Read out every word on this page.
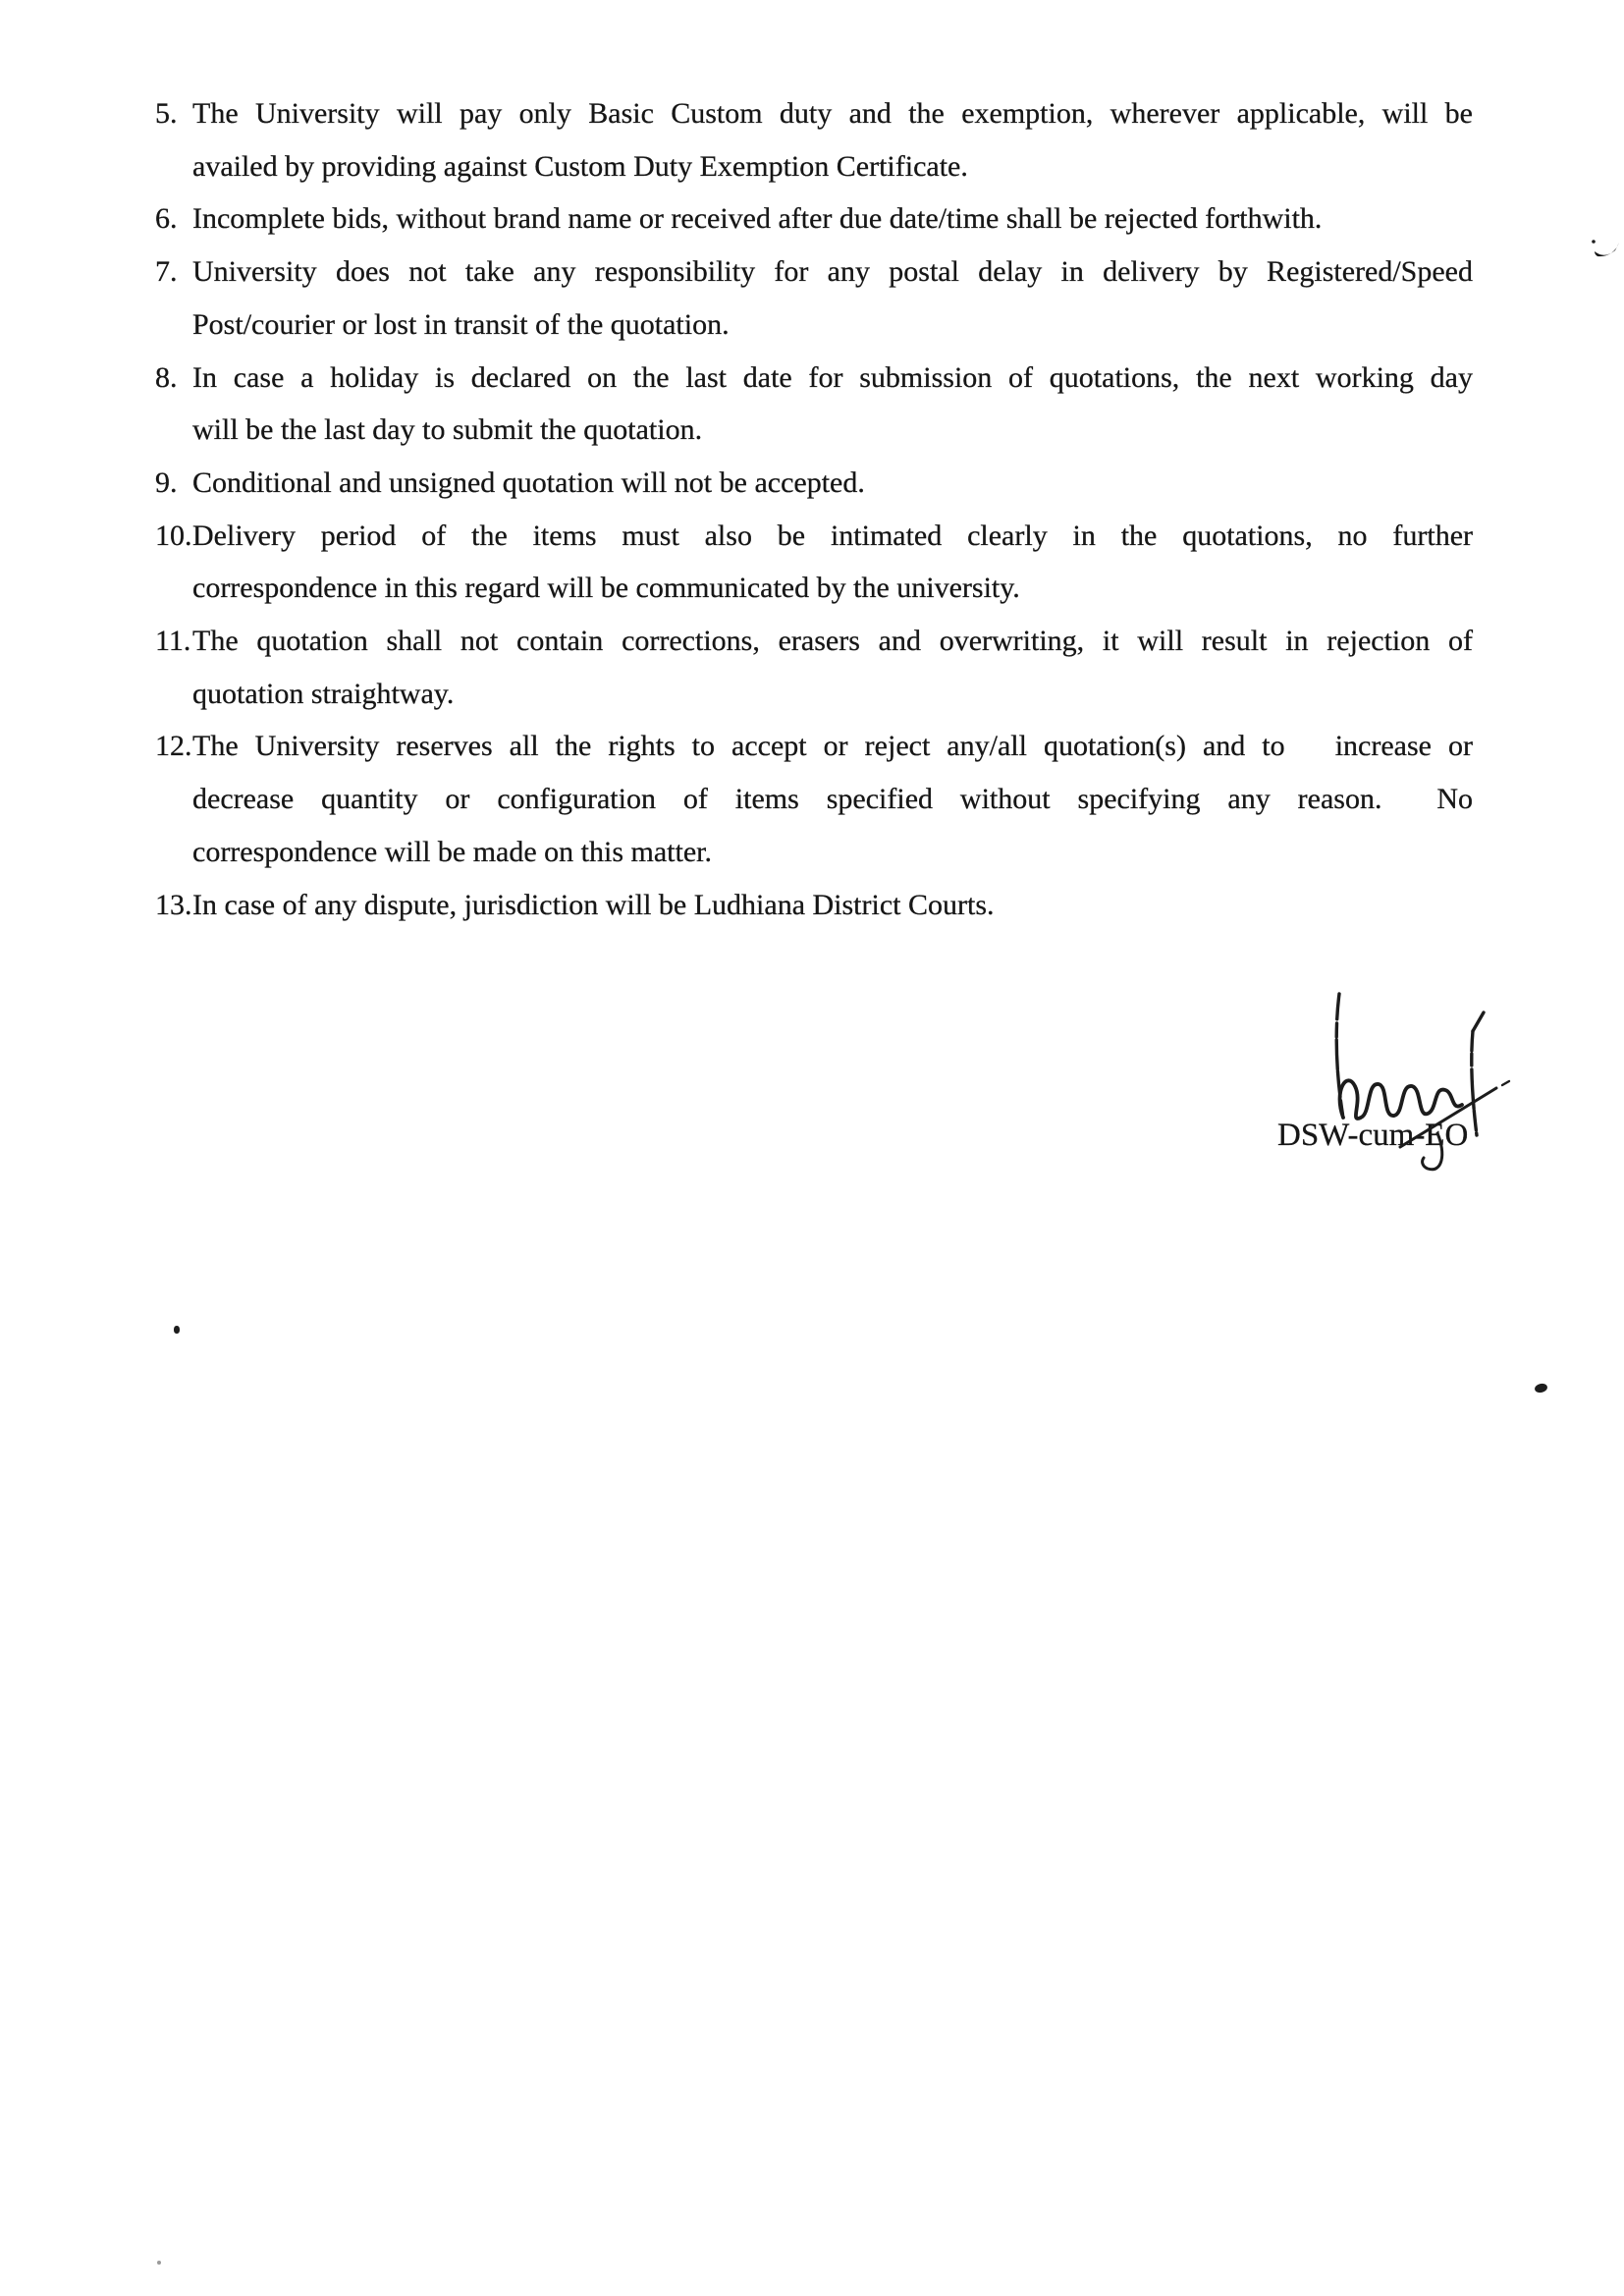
5. The University will pay only Basic Custom duty and the exemption, wherever applicable, will be
availed by providing against Custom Duty Exemption Certificate.
6. Incomplete bids, without brand name or received after due date/time shall be rejected forthwith.
7. University does not take any responsibility for any postal delay in delivery by Registered/Speed
Post/courier or lost in transit of the quotation.
8. In case a holiday is declared on the last date for submission of quotations, the next working day
will be the last day to submit the quotation.
9. Conditional and unsigned quotation will not be accepted.
10. Delivery period of the items must also be intimated clearly in the quotations, no further
correspondence in this regard will be communicated by the university.
11. The quotation shall not contain corrections, erasers and overwriting, it will result in rejection of
quotation straightway.
12. The University reserves all the rights to accept or reject any/all quotation(s) and to   increase or
decrease quantity or configuration of items specified without specifying any reason.  No
correspondence will be made on this matter.
13. In case of any dispute, jurisdiction will be Ludhiana District Courts.
DSW-cum-EO
